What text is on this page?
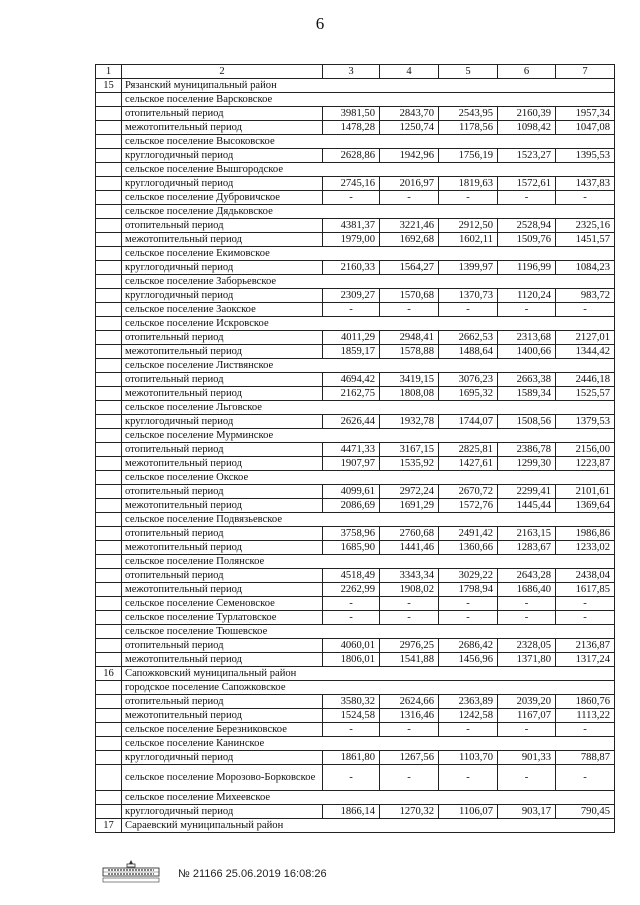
6
1	2	3	4	5	6	7
15	Рязанский муниципальный район					
	сельское поселение Варсковское					
	отопительный период	3981,50	2843,70	2543,95	2160,39	1957,34
	межотопительный период	1478,28	1250,74	1178,56	1098,42	1047,08
	сельское поселение Высоковское					
	круглогодичный период	2628,86	1942,96	1756,19	1523,27	1395,53
	сельское поселение Вышгородское					
	круглогодичный период	2745,16	2016,97	1819,63	1572,61	1437,83
	сельское поселение Дубровичское	-	-	-	-	-
	сельское поселение Дядьковское					
	отопительный период	4381,37	3221,46	2912,50	2528,94	2325,16
	межотопительный период	1979,00	1692,68	1602,11	1509,76	1451,57
	сельское поселение Екимовское					
	круглогодичный период	2160,33	1564,27	1399,97	1196,99	1084,23
	сельское поселение Заборьевское					
	круглогодичный период	2309,27	1570,68	1370,73	1120,24	983,72
	сельское поселение Заокское	-	-	-	-	-
	сельское поселение Искровское					
	отопительный период	4011,29	2948,41	2662,53	2313,68	2127,01
	межотопительный период	1859,17	1578,88	1488,64	1400,66	1344,42
	сельское поселение Листвянское					
	отопительный период	4694,42	3419,15	3076,23	2663,38	2446,18
	межотопительный период	2162,75	1808,08	1695,32	1589,34	1525,57
	сельское поселение Льговское					
	круглогодичный период	2626,44	1932,78	1744,07	1508,56	1379,53
	сельское поселение Мурминское					
	отопительный период	4471,33	3167,15	2825,81	2386,78	2156,00
	межотопительный период	1907,97	1535,92	1427,61	1299,30	1223,87
	сельское поселение Окское					
	отопительный период	4099,61	2972,24	2670,72	2299,41	2101,61
	межотопительный период	2086,69	1691,29	1572,76	1445,44	1369,64
	сельское поселение Подвязьевское					
	отопительный период	3758,96	2760,68	2491,42	2163,15	1986,86
	межотопительный период	1685,90	1441,46	1360,66	1283,67	1233,02
	сельское поселение Полянское					
	отопительный период	4518,49	3343,34	3029,22	2643,28	2438,04
	межотопительный период	2262,99	1908,02	1798,94	1686,40	1617,85
	сельское поселение Семеновское	-	-	-	-	-
	сельское поселение Турлатовское	-	-	-	-	-
	сельское поселение Тюшевское					
	отопительный период	4060,01	2976,25	2686,42	2328,05	2136,87
	межотопительный период	1806,01	1541,88	1456,96	1371,80	1317,24
16	Сапожковский муниципальный район					
	городское поселение Сапожковское					
	отопительный период	3580,32	2624,66	2363,89	2039,20	1860,76
	межотопительный период	1524,58	1316,46	1242,58	1167,07	1113,22
	сельское поселение Березниковское	-	-	-	-	-
	сельское поселение Канинское					
	круглогодичный период	1861,80	1267,56	1103,70	901,33	788,87
	сельское поселение Морозово-Борковское	-	-	-	-	-
	сельское поселение Михеевское					
	круглогодичный период	1866,14	1270,32	1106,07	903,17	790,45
17	Сараевский муниципальный район					
№ 21166 25.06.2019 16:08:26
